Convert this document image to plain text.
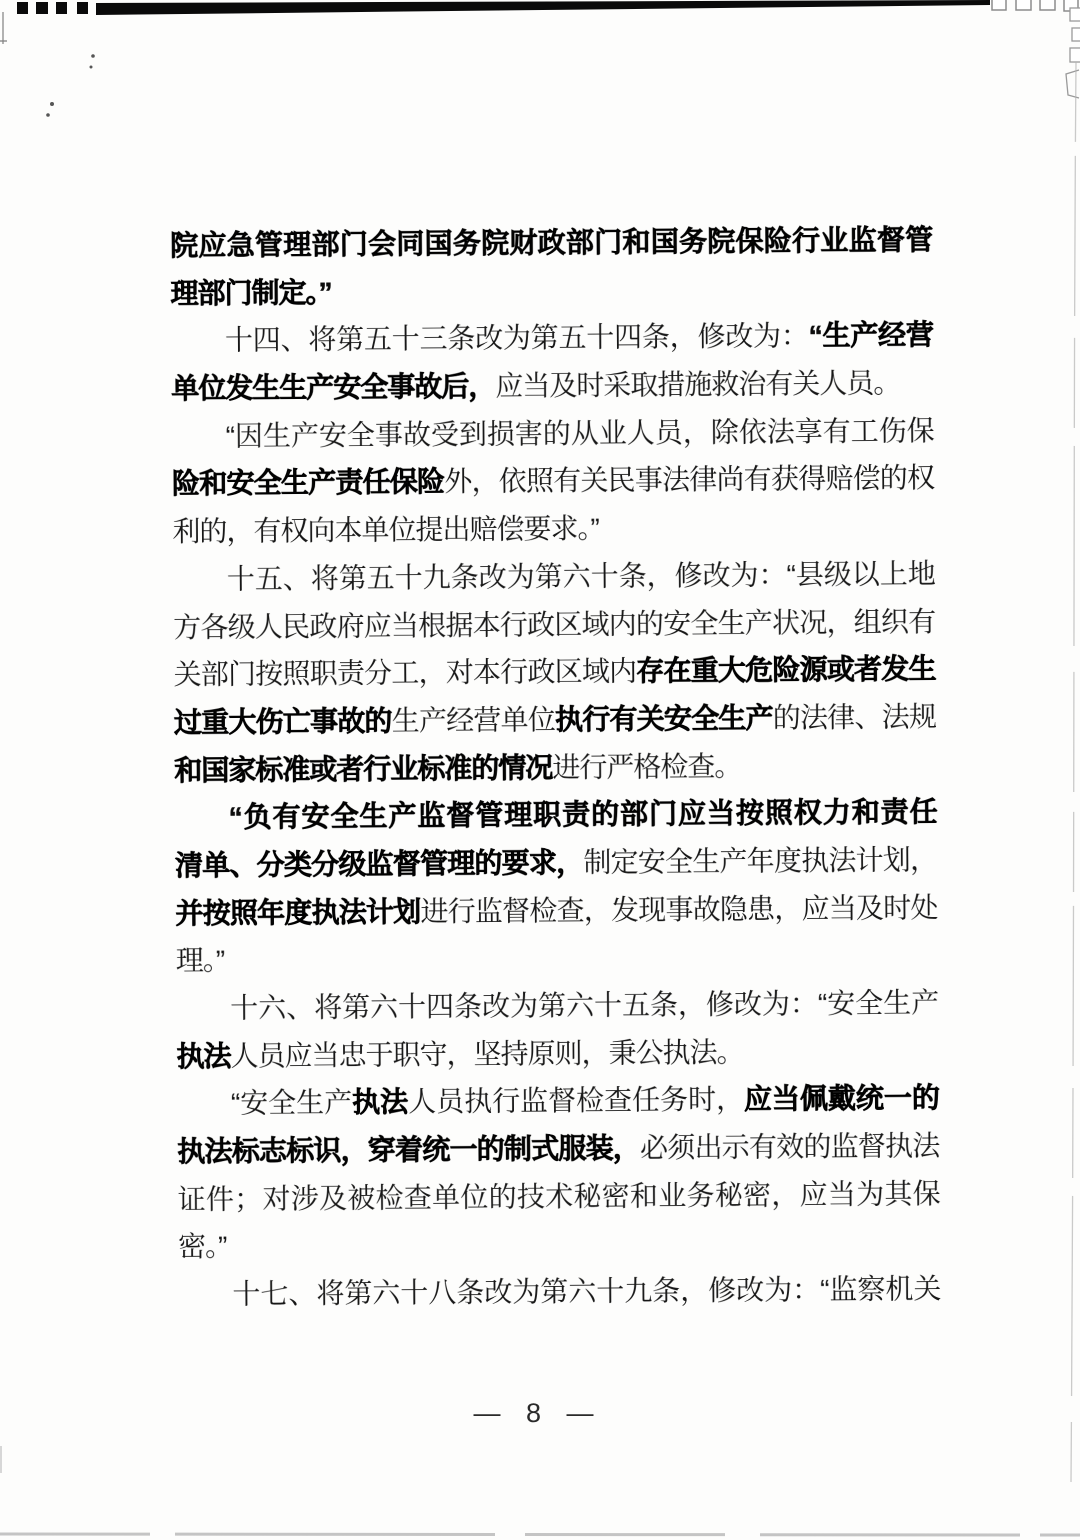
院应急管理部门会同国务院财政部门和国务院保险行业监督管
理部门制定。”
十四、将第五十三条改为第五十四条，修改为：“生产经营
单位发生生产安全事故后，应当及时采取措施救治有关人员。
“因生产安全事故受到损害的从业人员，除依法享有工伤保
险和安全生产责任保险外，依照有关民事法律尚有获得赔偿的权
利的，有权向本单位提出赔偿要求。”
十五、将第五十九条改为第六十条，修改为：“县级以上地
方各级人民政府应当根据本行政区域内的安全生产状况，组织有
关部门按照职责分工，对本行政区域内存在重大危险源或者发生
过重大伤亡事故的生产经营单位执行有关安全生产的法律、法规
和国家标准或者行业标准的情况进行严格检查。
“负有安全生产监督管理职责的部门应当按照权力和责任
清单、分类分级监督管理的要求，制定安全生产年度执法计划，
并按照年度执法计划进行监督检查，发现事故隐患，应当及时处
理。”
十六、将第六十四条改为第六十五条，修改为：“安全生产
执法人员应当忠于职守，坚持原则，秉公执法。
“安全生产执法人员执行监督检查任务时，应当佩戴统一的
执法标志标识，穿着统一的制式服装，必须出示有效的监督执法
证件；对涉及被检查单位的技术秘密和业务秘密，应当为其保
密。”
十七、将第六十八条改为第六十九条，修改为：“监察机关
— 8 —
